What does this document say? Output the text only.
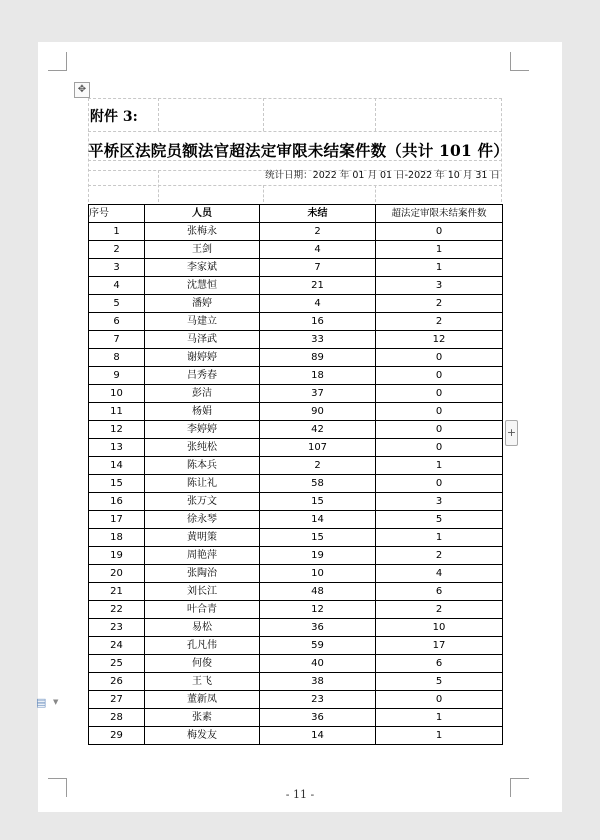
✥
+
▤ ▼
附件 3:
平桥区法院员额法官超法定审限未结案件数（共计 101 件）
统计日期：2022 年 01 月 01 日-2022 年 10 月 31 日
序号	人员	未结	超法定审限未结案件数
1	张梅永	2	0
2	王剑	4	1
3	李家斌	7	1
4	沈慧恒	21	3
5	潘婷	4	2
6	马建立	16	2
7	马泽武	33	12
8	谢婷婷	89	0
9	吕秀春	18	0
10	彭洁	37	0
11	杨娟	90	0
12	李婷婷	42	0
13	张纯松	107	0
14	陈本兵	2	1
15	陈让礼	58	0
16	张万文	15	3
17	徐永琴	14	5
18	黄明策	15	1
19	周艳萍	19	2
20	张陶治	10	4
21	刘长江	48	6
22	叶合青	12	2
23	易松	36	10
24	孔凡伟	59	17
25	何俊	40	6
26	王飞	38	5
27	董新凤	23	0
28	张素	36	1
29	梅发友	14	1
- 11 -
